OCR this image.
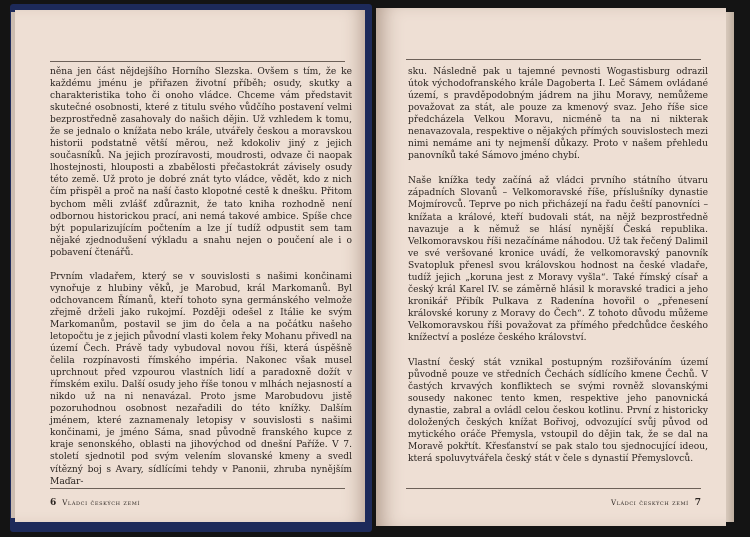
něna jen část nějdejšího Horního Slezska. Ovšem s tím, že ke každému jménu je přiřazen životní příběh; osudy, skutky a charakteristika toho či onoho vládce. Chceme vám představit skutečné osobnosti, které z titulu svého vůdčího postavení velmi bezprostředně zasahovaly do našich dějin. Už vzhledem k tomu, že se jednalo o knížata nebo krále, utvářely českou a moravskou historii podstatně větší měrou, než kdokoliv jiný z jejich současníků. Na jejich prozíravosti, moudrosti, odvaze či naopak lhostejnosti, hlouposti a zbabělosti přečastokrát závisely osudy této země. Už proto je dobré znát tyto vládce, vědět, kdo z nich čím přispěl a proč na naší často klopotné cestě k dnešku. Přitom bychom měli zvlášť zdůraznit, že tato kniha rozhodně není odbornou historickou prací, ani nemá takové ambice. Spíše chce být popularizujícím počtením a lze jí tudíž odpustit sem tam nějaké zjednodušení výkladu a snahu nejen o poučení ale i o pobavení čtenářů.

Prvním vladařem, který se v souvislosti s našimi končinami vynořuje z hlubiny věků, je Marobud, král Markomanů. Byl odchovancem Římanů, kteří tohoto syna germánského velmože zřejmě drželi jako rukojmí. Později odešel z Itálie ke svým Markomanům, postavil se jim do čela a na počátku našeho letopočtu je z jejich původní vlasti kolem řeky Mohanu přivedl na území Čech. Právě tady vybudoval novou říši, která úspěšně čelila rozpínavosti římského impéria. Nakonec však musel uprchnout před vzpourou vlastních lidí a paradoxně dožít v římském exilu. Další osudy jeho říše tonou v mlhách nejasností a nikdo už na ni nenavázal. Proto jsme Marobudovu jistě pozoruhodnou osobnost nezařadili do této knížky. Dalším jménem, které zaznamenaly letopisy v souvislosti s našimi končinami, je jméno Sáma, snad původně franského kupce z kraje senonského, oblasti na jihovýchod od dnešní Paříže. V 7. století sjednotil pod svým velením slovanské kmeny a svedl vítězný boj s Avary, sídlícími tehdy v Panonii, zhruba nynějším Maďar-

6 Vládci českých zemí

sku. Následně pak u tajemné pevnosti Wogastisburg odrazil útok východofranského krále Dagoberta I. Leč Sámem ovládané území, s pravděpodobným jádrem na jihu Moravy, nemůžeme považovat za stát, ale pouze za kmenový svaz. Jeho říše sice předcházela Velkou Moravu, nicméně ta na ni nikterak nenavazovala, respektive o nějakých přímých souvislostech mezi nimi nemáme ani ty nejmenší důkazy. Proto v našem přehledu panovníků také Sámovo jméno chybí.

Naše knížka tedy začíná až vládci prvního státního útvaru západních Slovanů – Velkomoravské říše, příslušníky dynastie Mojmírovců. Teprve po nich přicházejí na řadu čeští panovníci – knížata a králové, kteří budovali stát, na nějž bezprostředně navazuje a k němuž se hlásí nynější Česká republika. Velkomoravskou říši nezačínáme náhodou. Už tak řečený Dalimil ve své veršované kronice uvádí, že velkomoravský panovník Svatopluk přenesl svou královskou hodnost na české vladaře, tudíž jejich „koruna jest z Moravy vyšla“. Také římský císař a český král Karel IV. se záměrně hlásil k moravské tradici a jeho kronikář Přibík Pulkava z Radenína hovořil o „přenesení královské koruny z Moravy do Čech“. Z tohoto důvodu můžeme Velkomoravskou říši považovat za přímého předchůdce českého knížectví a posléze českého království.

Vlastní český stát vznikal postupným rozšiřováním území původně pouze ve středních Čechách sídlícího kmene Čechů. V častých krvavých konfliktech se svými rovněž slovanskými sousedy nakonec tento kmen, respektive jeho panovnická dynastie, zabral a ovládl celou českou kotlinu. První z historicky doložených českých knížat Bořivoj, odvozující svůj původ od mytického oráče Přemysla, vstoupil do dějin tak, že se dal na Moravě pokřtít. Křesťanství se pak stalo tou sjednocující ideou, která spoluvytvářela český stát v čele s dynastií Přemyslovců.

Vládci českých zemí 7
